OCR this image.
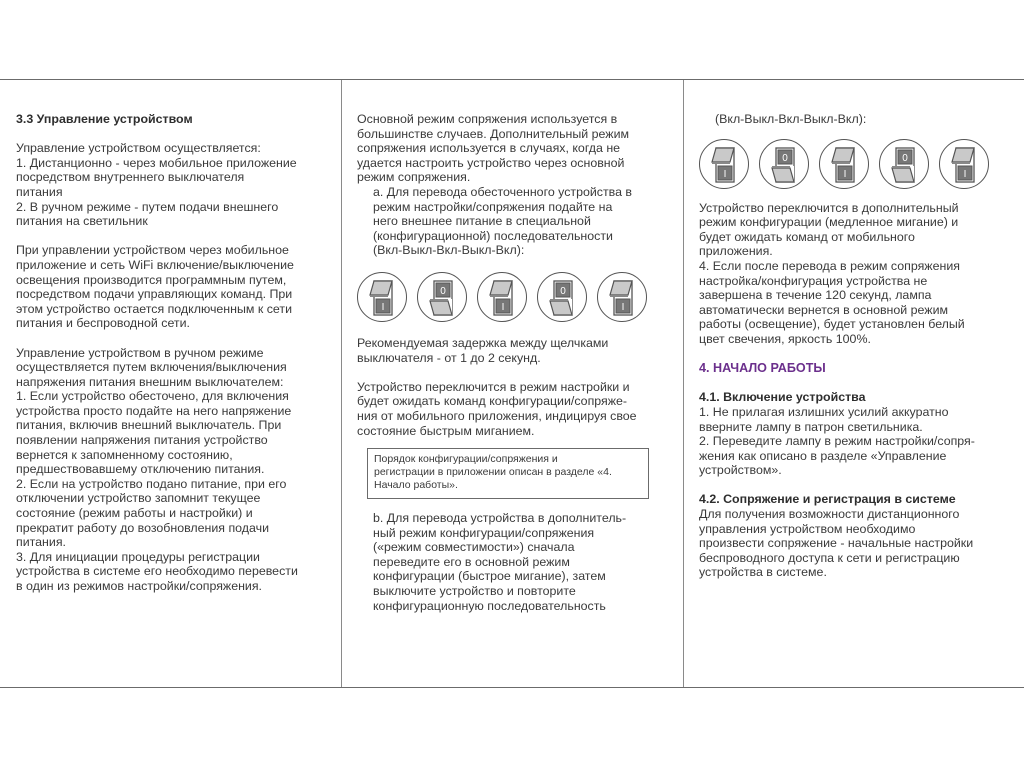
3.3 Управление устройством

Управление устройством осуществляется:

1. Дистанционно - через мобильное приложение

посредством внутреннего выключателя

питания

2. В ручном режиме - путем подачи внешнего

питания на светильник

При управлении устройством через мобильное

приложение и сеть WiFi включение/выключение

освещения производится программным путем,

посредством подачи управляющих команд. При

этом устройство остается подключенным к сети

питания и беспроводной сети.

Управление устройством в ручном режиме

осуществляется путем включения/выключения

напряжения питания внешним выключателем:

1. Если устройство обесточено, для включения

устройства просто подайте на него напряжение

питания, включив внешний выключатель. При

появлении напряжения питания устройство

вернется к запомненному состоянию,

предшествовавшему отключению питания.

2. Если на устройство подано питание, при его

отключении устройство запомнит текущее

состояние (режим работы и настройки) и

прекратит работу до возобновления подачи

питания.

3. Для инициации процедуры регистрации

устройства в системе его необходимо перевести

в один из режимов настройки/сопряжения.

Основной режим сопряжения используется в

большинстве случаев. Дополнительный режим

сопряжения используется в случаях, когда не

удается настроить устройство через основной

режим сопряжения.

a. Для перевода обесточенного устройства в

режим настройки/сопряжения подайте на

него внешнее питание в специальной

(конфигурационной) последовательности

(Вкл-Выкл-Вкл-Выкл-Вкл):

I
0
I
0
I

Рекомендуемая задержка между щелчками

выключателя - от 1 до 2 секунд.

Устройство переключится в режим настройки и

будет ожидать команд конфигурации/сопряже-

ния от мобильного приложения, индицируя свое

состояние быстрым миганием.

Порядок конфигурации/сопряжения и

регистрации в приложении описан в разделе «4.

Начало работы».

b. Для перевода устройства в дополнитель-

ный режим конфигурации/сопряжения

(«режим совместимости») сначала

переведите его в основной режим

конфигурации (быстрое мигание), затем

выключите устройство и повторите

конфигурационную последовательность

(Вкл-Выкл-Вкл-Выкл-Вкл):

I
0
I
0
I

Устройство переключится в дополнительный

режим конфигурации (медленное мигание) и

будет ожидать команд от мобильного

приложения.

4. Если после перевода в режим сопряжения

настройка/конфигурация устройства не

завершена в течение 120 секунд, лампа

автоматически вернется в основной режим

работы (освещение), будет установлен белый

цвет свечения, яркость 100%.

4. НАЧАЛО РАБОТЫ

4.1. Включение устройства

1. Не прилагая излишних усилий аккуратно

вверните лампу в патрон светильника.

2. Переведите лампу в режим настройки/сопря-

жения как описано в разделе «Управление

устройством».

4.2. Сопряжение и регистрация в системе

Для получения возможности дистанционного

управления устройством необходимо

произвести сопряжение - начальные настройки

беспроводного доступа к сети и регистрацию

устройства в системе.
